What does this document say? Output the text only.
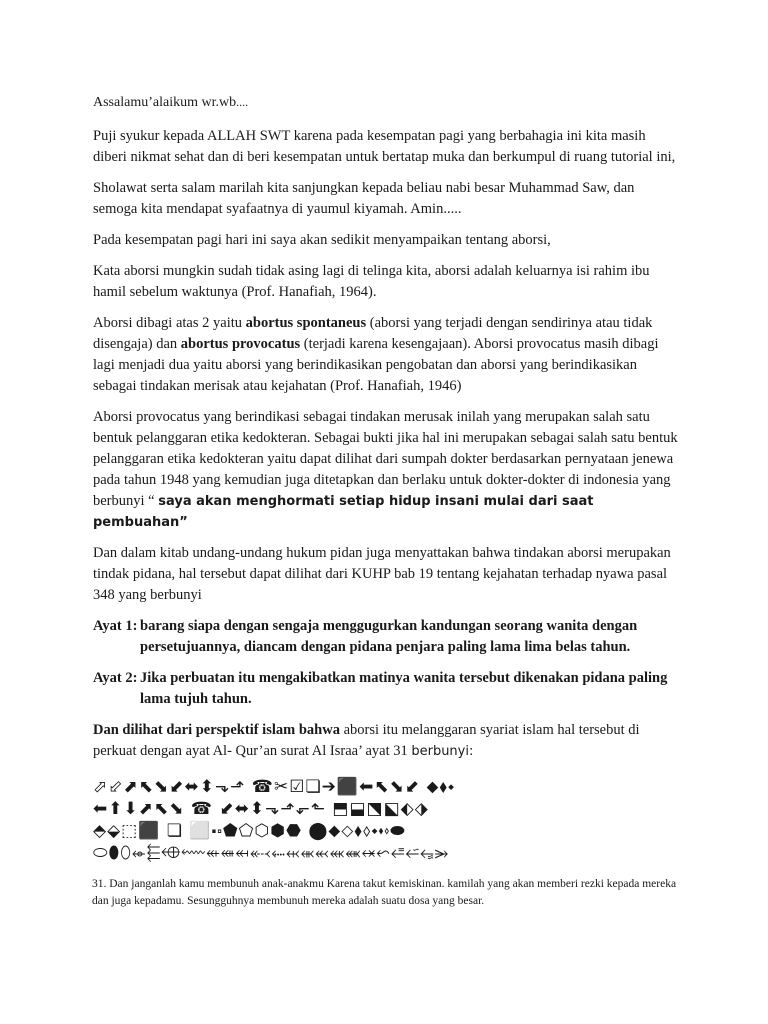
Assalamu’alaikum wr.wb....

Puji syukur kepada ALLAH SWT karena pada kesempatan pagi yang berbahagia ini kita masih diberi nikmat sehat dan di beri kesempatan untuk bertatap muka dan berkumpul di ruang tutorial ini,

Sholawat serta salam marilah kita sanjungkan kepada beliau nabi besar Muhammad Saw, dan semoga kita mendapat syafaatnya di yaumul kiyamah. Amin.....

Pada kesempatan pagi hari ini saya akan sedikit menyampaikan tentang aborsi,

Kata aborsi mungkin sudah tidak asing lagi di telinga kita, aborsi adalah keluarnya isi rahim ibu hamil sebelum waktunya (Prof. Hanafiah, 1964).

Aborsi dibagi atas 2 yaitu abortus spontaneus (aborsi yang terjadi dengan sendirinya atau tidak disengaja) dan abortus provocatus (terjadi karena kesengajaan). Aborsi provocatus masih dibagi lagi menjadi dua yaitu aborsi yang berindikasikan pengobatan dan aborsi yang berindikasikan sebagai tindakan merisak atau kejahatan (Prof. Hanafiah, 1946)

Aborsi provocatus yang berindikasi sebagai tindakan merusak inilah yang merupakan salah satu bentuk pelanggaran etika kedokteran. Sebagai bukti jika hal ini merupakan sebagai salah satu bentuk pelanggaran etika kedokteran yaitu dapat dilihat dari sumpah dokter berdasarkan pernyataan jenewa pada tahun 1948 yang kemudian juga ditetapkan dan berlaku untuk dokter-dokter di indonesia yang berbunyi “ saya akan menghormati setiap hidup insani mulai dari saat pembuahan”

Dan dalam kitab undang-undang hukum pidan juga menyattakan bahwa tindakan aborsi merupakan tindak pidana, hal tersebut dapat dilihat dari KUHP bab 19 tentang kejahatan terhadap nyawa pasal 348 yang berbunyi

Ayat 1: barang siapa dengan sengaja menggugurkan kandungan seorang wanita dengan persetujuannya, diancam dengan pidana penjara paling lama lima belas tahun.
Ayat 2: Jika perbuatan itu mengakibatkan matinya wanita tersebut dikenakan pidana paling lama tujuh tahun.

Dan dilihat dari perspektif islam bahwa aborsi itu melanggaran syariat islam hal tersebut di perkuat dengan ayat Al- Qur’an surat Al Israa’ ayat 31 berbunyi:

⬀⬃⬈⬉⬊⬋⬌⬍⬎⬏ ☎✂☑❏➔⬛⬅⬉⬊⬋ ⬥⬧⬩
⬅⬆⬇⬈⬉⬊ ☎ ⬋⬌⬍⬎⬏⬐⬑ ⬒⬓⬔⬕⬖⬗
⬘⬙⬚⬛ ❏ ⬜⬝⬞⬟⬠⬡⬢⬣ ⬤⬥⬦⬧⬨⬩⬪⬫⬬
⬭⬮⬯⬰⬱⬲⬳⬴⬵⬶⬷⬸⬹⬺⬻⬼⬽⬾⬿⭀⭁⭂⭃

31. Dan janganlah kamu membunuh anak-anakmu Karena takut kemiskinan. kamilah yang akan memberi rezki kepada mereka dan juga kepadamu. Sesungguhnya membunuh mereka adalah suatu dosa yang besar.
